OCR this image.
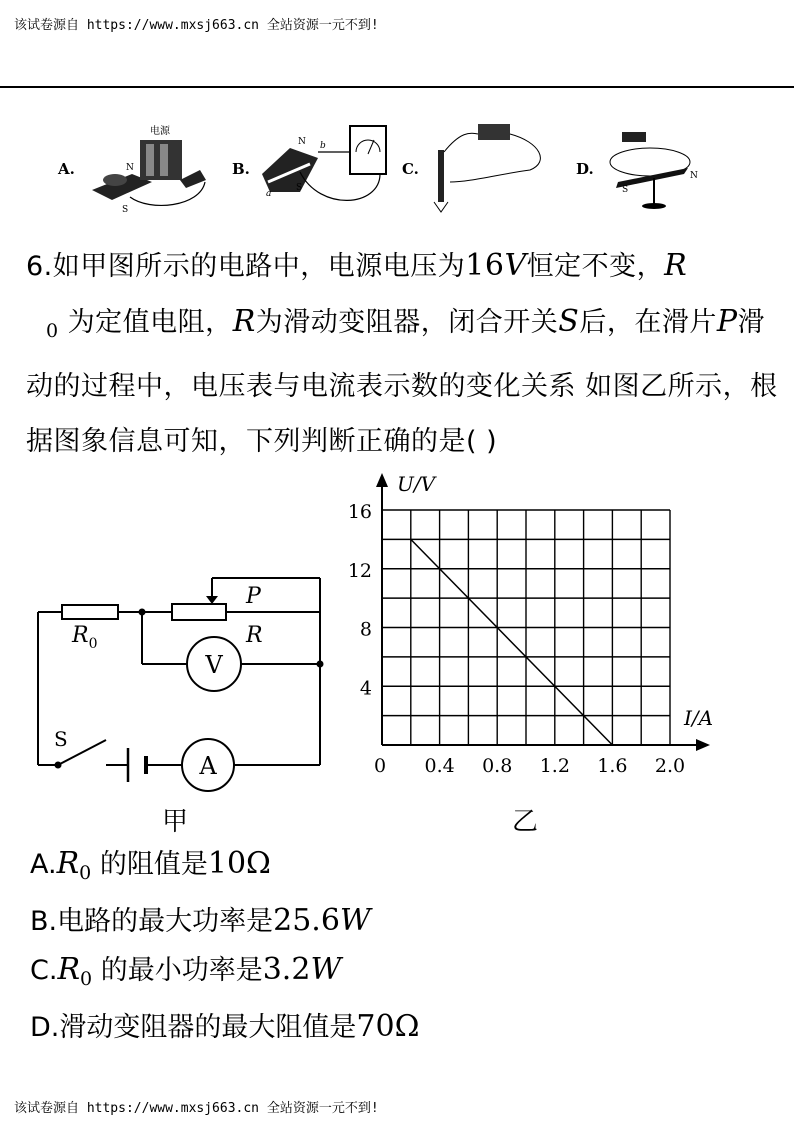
该试卷源自 https://www.mxsj663.cn 全站资源一元不到!
A.
电源
N
S
B.
N
S
a
b
C.	D.
S
N
6.如甲图所示的电路中，电源电压为16V恒定不变，R
$_0$ 为定值电阻，R为滑动变阻器，闭合开关S后，在滑片P滑动的过程中，电压表与电流表示数的变化关系 如图乙所示，根据图象信息可知，下列判断正确的是( )
V
A
$R_0$	R
P
S
甲
0 0.4 0.8 1.2 1.6 2.0
4
8
12
16
U/V
I/A
乙
$A.R_0$ 的阻值是10Ω
B.电路的最大功率是25.6W
$C.R_0$ 的最小功率是3.2W
D.滑动变阻器的最大阻值是70Ω
该试卷源自 https://www.mxsj663.cn 全站资源一元不到!
